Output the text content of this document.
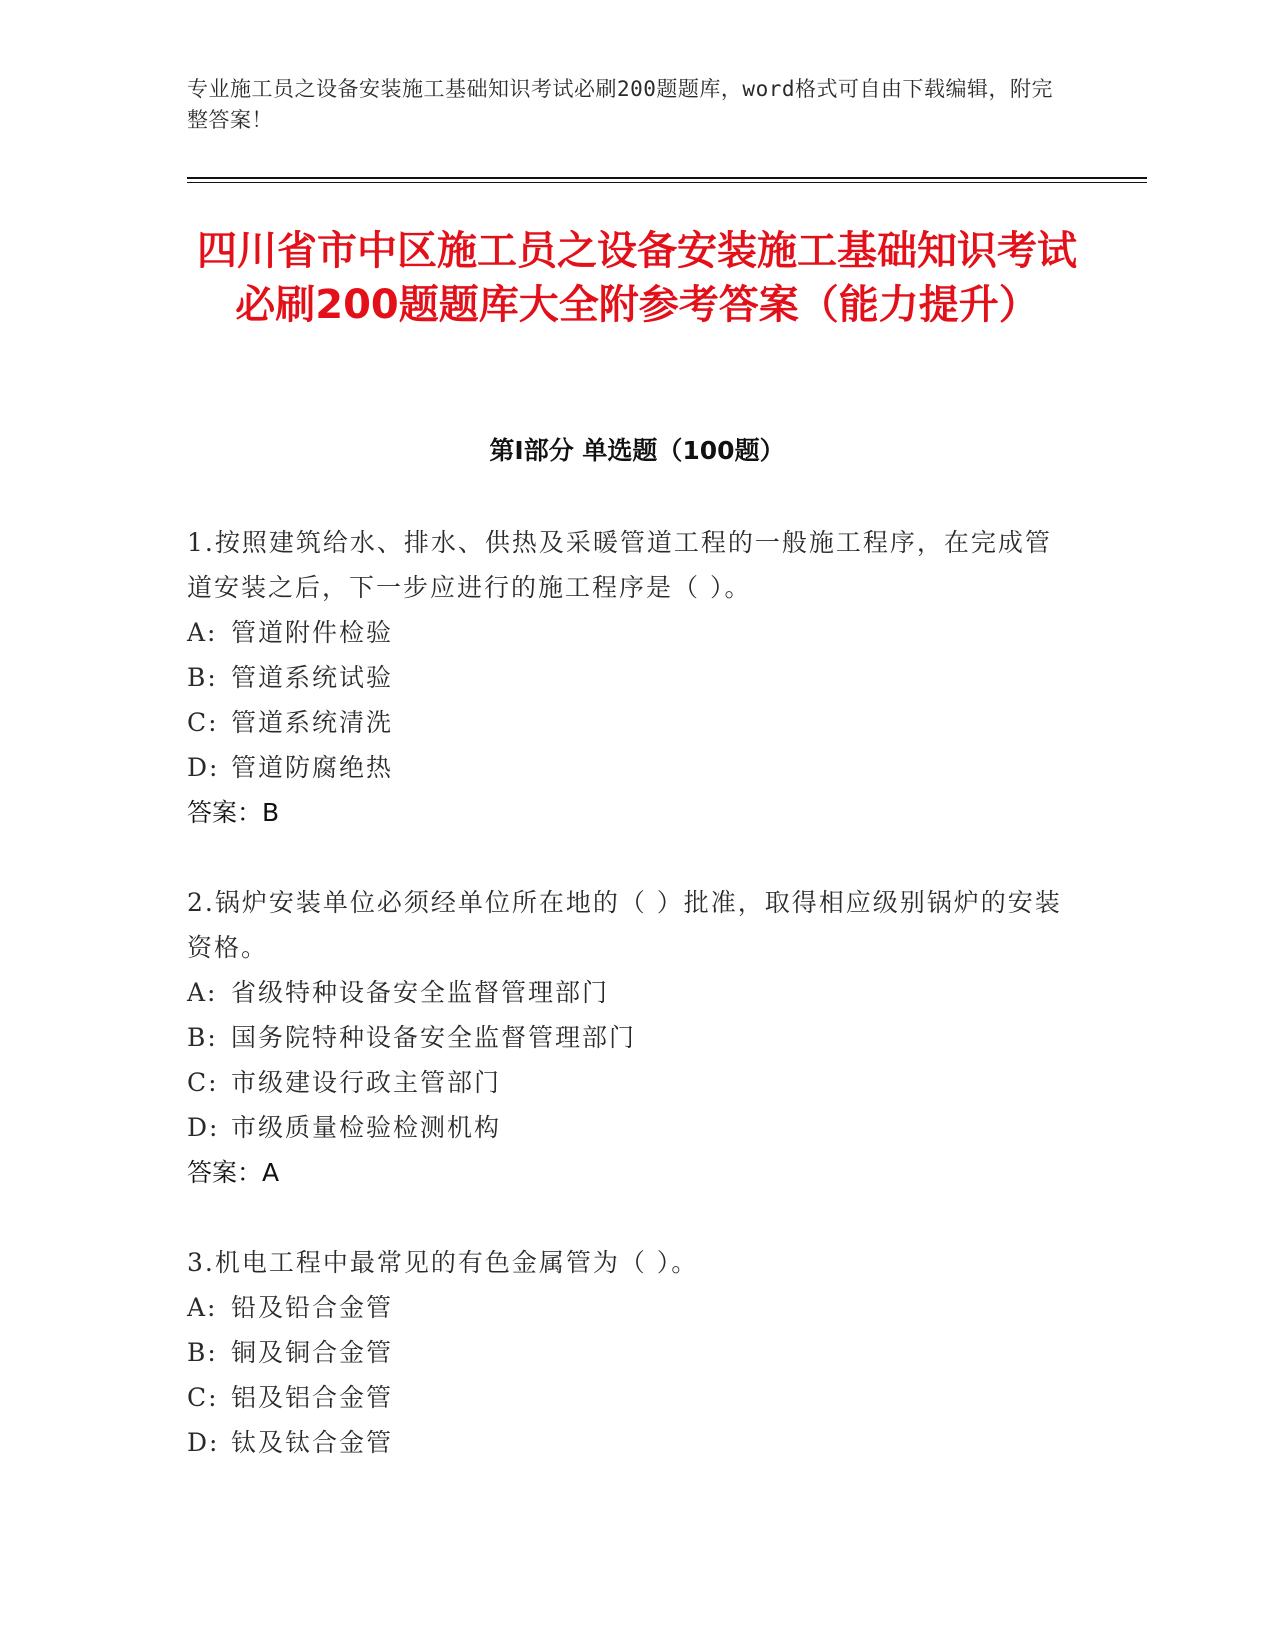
专业施工员之设备安装施工基础知识考试必刷200题题库，word格式可自由下载编辑，附完整答案！
四川省市中区施工员之设备安装施工基础知识考试必刷200题题库大全附参考答案（能力提升）
第I部分 单选题（100题）
1.按照建筑给水、排水、供热及采暖管道工程的一般施工程序，在完成管道安装之后，下一步应进行的施工程序是（ ）。
A: 管道附件检验
B: 管道系统试验
C: 管道系统清洗
D: 管道防腐绝热
答案：B
2.锅炉安装单位必须经单位所在地的（ ）批准，取得相应级别锅炉的安装资格。
A: 省级特种设备安全监督管理部门
B: 国务院特种设备安全监督管理部门
C: 市级建设行政主管部门
D: 市级质量检验检测机构
答案：A
3.机电工程中最常见的有色金属管为（ ）。
A: 铅及铅合金管
B: 铜及铜合金管
C: 铝及铝合金管
D: 钛及钛合金管
